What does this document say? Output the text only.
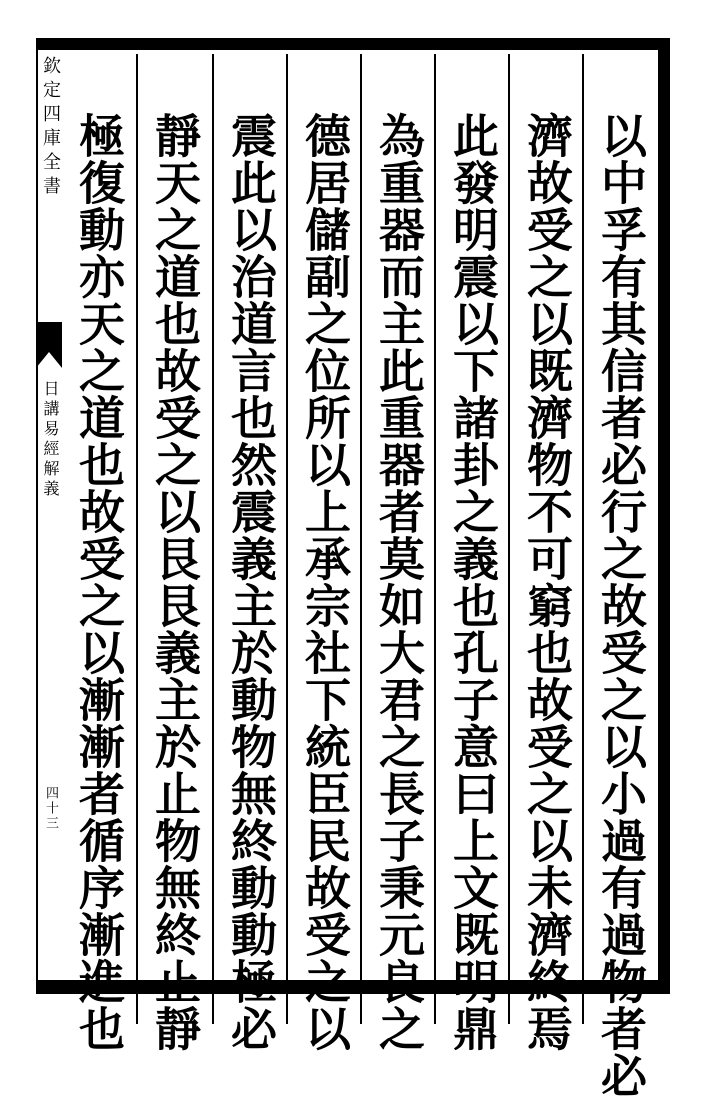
欽定四庫全書
日講易經解義
四十三	以中孚有其信者必行之故受之以小過有過物者必
濟故受之以既濟物不可窮也故受之以未濟終焉
此發明震以下諸卦之義也孔子意曰上文既明鼎
為重器而主此重器者莫如大君之長子秉元良之
德居儲副之位所以上承宗社下統臣民故受之以
震此以治道言也然震義主於動物無終動動極必
靜天之道也故受之以艮艮義主於止物無終止靜
極復動亦天之道也故受之以漸漸者循序漸進也
